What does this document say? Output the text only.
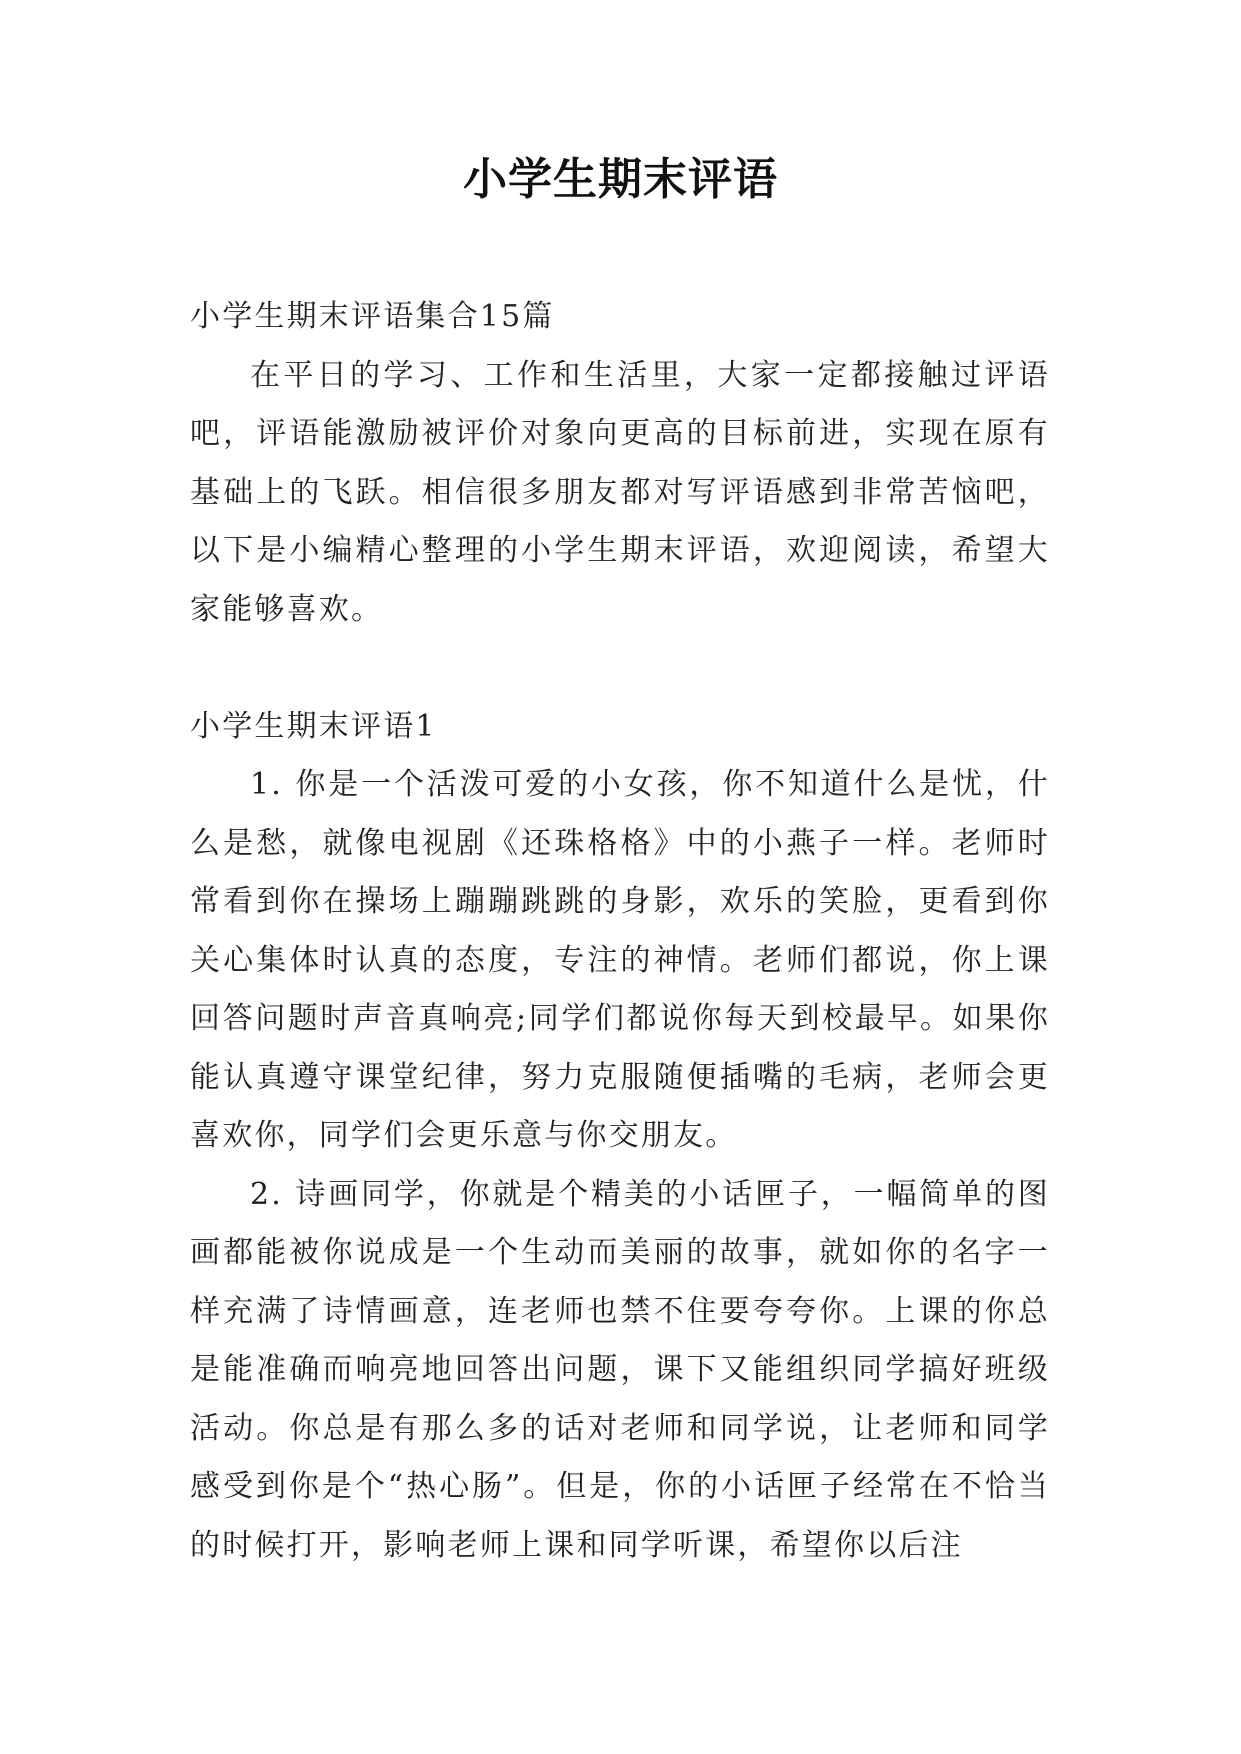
小学生期末评语

小学生期末评语集合15篇

在平日的学习、工作和生活里，大家一定都接触过评语吧，评语能激励被评价对象向更高的目标前进，实现在原有基础上的飞跃。相信很多朋友都对写评语感到非常苦恼吧，以下是小编精心整理的小学生期末评语，欢迎阅读，希望大家能够喜欢。

小学生期末评语1

1. 你是一个活泼可爱的小女孩，你不知道什么是忧，什么是愁，就像电视剧《还珠格格》中的小燕子一样。老师时常看到你在操场上蹦蹦跳跳的身影，欢乐的笑脸，更看到你关心集体时认真的态度，专注的神情。老师们都说，你上课回答问题时声音真响亮;同学们都说你每天到校最早。如果你能认真遵守课堂纪律，努力克服随便插嘴的毛病，老师会更喜欢你，同学们会更乐意与你交朋友。

2. 诗画同学，你就是个精美的小话匣子，一幅简单的图画都能被你说成是一个生动而美丽的故事，就如你的名字一样充满了诗情画意，连老师也禁不住要夸夸你。上课的你总是能准确而响亮地回答出问题，课下又能组织同学搞好班级活动。你总是有那么多的话对老师和同学说，让老师和同学感受到你是个“热心肠”。但是，你的小话匣子经常在不恰当的时候打开，影响老师上课和同学听课，希望你以后注
